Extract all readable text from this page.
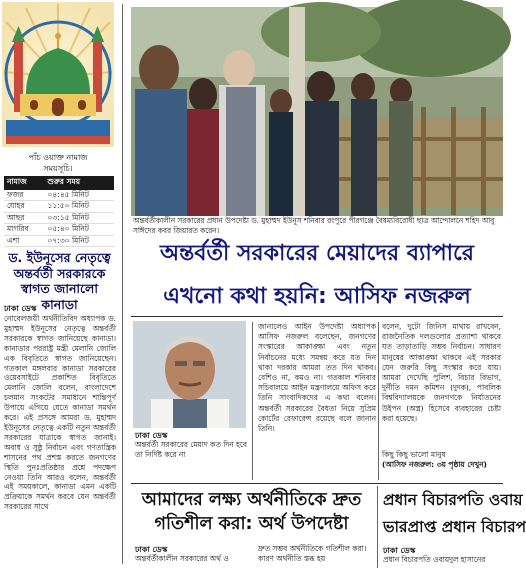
পাঁচ ওয়াক্ত নামাজ
সময়সূচি।
নামাজ	শুরুর সময়
ফজর	০৪:৪৫ মিনিট
যোহর	১১:৫০ মিনিট
আছর	০৩:১৫ মিনিট
মাগরিব	০৫:৪০ মিনিট
এশা	০৭:৩০ মিনিট
ড. ইউনূসের নেতৃত্বে অন্তর্বর্তী সরকারকে স্বাগত জানালো কানাডা
ঢাকা ডেস্ক
নোবেলজয়ী অর্থনীতিবিদ অধ্যাপক ড. মুহাম্মদ ইউনূসের নেতৃত্বে অন্তর্বর্তী সরকারকে স্বাগত জানিয়েছে কানাডা। কানাডার পররাষ্ট্র মন্ত্রী মেলানি জোলি এক বিবৃতিতে স্বাগত জানিয়েছেন। গতকাল মঙ্গলবার কানাডা সরকারের ওয়েবসাইটে প্রকাশিত বিবৃতিতে মেলানি জোলি বলেন, বাংলাদেশে চলমান সংকটের সমাধানে শান্তিপূর্ণ উপায়ে এগিয়ে যেতে কানাডা সমর্থন করে। এই প্রসঙ্গে আমরা ড. মুহাম্মদ ইউনূসের নেতৃত্বে একটি নতুন অন্তর্বর্তী সরকারের যাত্রাকে স্বাগত জানাই। অবাধ ও সুষ্ঠু নির্বাচন এবং গণতান্ত্রিক শাসনের পথ প্রশস্ত করতে জনগণের স্থিতি পুনঃপ্রতিষ্ঠার প্রশ্নে পদক্ষেপ নেওয়া তিনি আরও বলেন, অন্তর্বর্তী এই সময়কালে, কানাডা এমন একটি প্রক্রিয়াকে সমর্থন করবে যেন অন্তর্বর্তী সরকারের সাথে
অন্তর্বর্তীকালীন সরকারের প্রধান উপদেষ্টা ড. মুহাম্মদ ইউনূস শনিবার রংপুরে পীরগঞ্জে বৈষম্যবিরোধী ছাত্র আন্দোলনে শহিদ আবু সাঈদের কবর জিয়ারত করেন।
অন্তর্বর্তী সরকারের মেয়াদের ব্যাপারে
এখনো কথা হয়নি: আসিফ নজরুল
ঢাকা ডেস্ক
অন্তর্বর্তী সরকারের মেয়াদ কত দিন হবে তা নির্দিষ্ট করে না
জানালেও আইন উপদেষ্টা অধ্যাপক আসিফ নজরুল বলেছেন, জনগণের সংস্কারের আকাঙ্ক্ষা এবং নতুন নির্বাচনের মধ্যে সমন্বয় করে যত দিন থাকা দরকার আমরা তত দিন থাকব। বেশিও না, কমও না। গতকাল শনিবার সচিবালয়ে আইন মন্ত্রণালয়ে অফিস করে তিনি সাংবাদিকদের এ কথা বলেন। অন্তর্বর্তী সরকারের বৈধতা নিয়ে সুপ্রিম কোর্টের রেফারেন্স রয়েছে বলে জানান তিনি।
বলেন, দুটো জিনিস মাথায় রাখবেন, রাজনৈতিক দলগুলোর প্রত্যাশা থাকবে যত তাড়াতাড়ি সম্ভব নির্বাচন। সাধারণ মানুষের আকাঙ্ক্ষা থাকবে এই সরকার যেন জরুরি কিছু সংস্কার করে যায়। আমরা দেখেছি পুলিশ, বিচার বিভাগ, দুর্নীতি দমন কমিশন (দুদক), পাবলিক বিশ্ববিদ্যালয়কে জনগণকে নির্যাতনের উইপন (অস্ত্র) হিসেবে ব্যবহারের চেষ্টা করা হয়েছে।
কিছু কিছু ভালো মানুষ
(আসিফ নজরুল: ৩য় পৃষ্ঠায় দেখুন)
আমাদের লক্ষ্য অর্থনীতিকে দ্রুত
গতিশীল করা: অর্থ উপদেষ্টা
ঢাকা ডেস্ক
অন্তর্বর্তীকালীন সরকারের অর্থ ও
দ্রুত সম্ভব অর্থনীতিকে গতিশীল করা। কারণ অর্থনীতি স্তব্ধ হয়
প্রধান বিচারপতি ওবায়
ভারপ্রাপ্ত প্রধান বিচারপ
ঢাকা ডেস্ক
প্রধান বিচারপতি ওবায়দুল হাসানের
